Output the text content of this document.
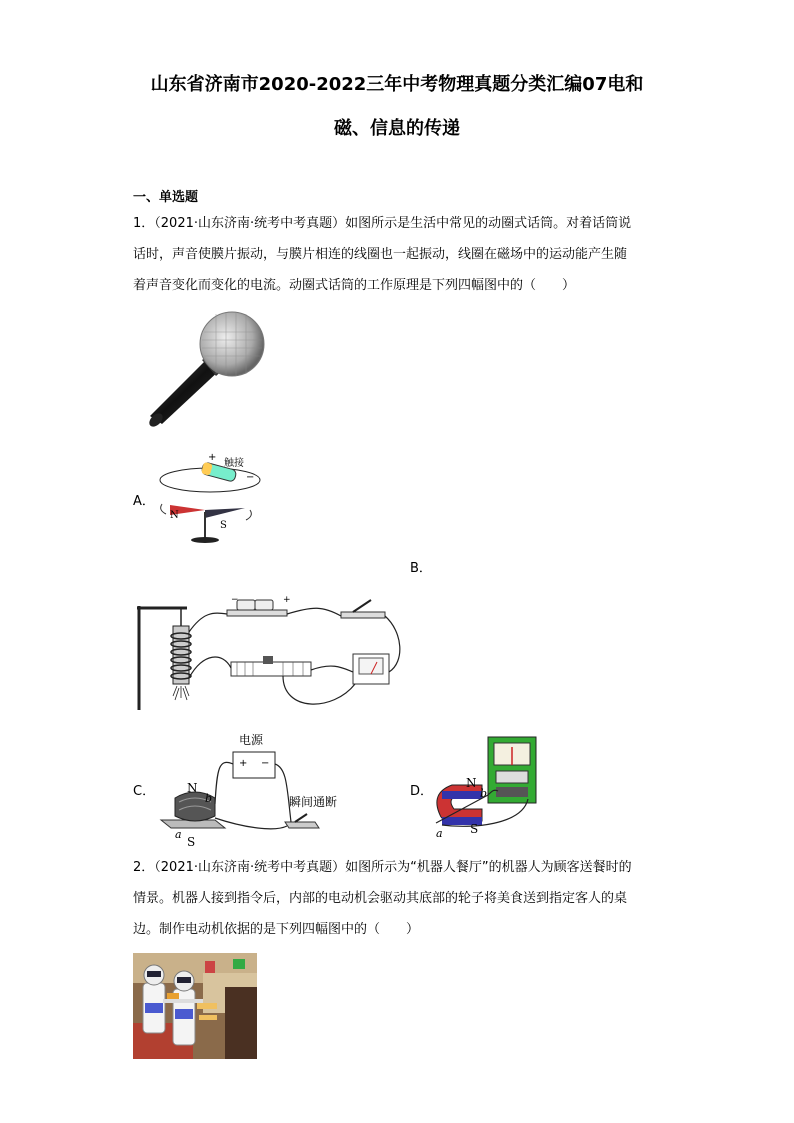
山东省济南市2020-2022三年中考物理真题分类汇编07电和
磁、信息的传递
一、单选题
1．（2021·山东济南·统考中考真题）如图所示是生活中常见的动圈式话筒。对着话筒说
话时，声音使膜片振动，与膜片相连的线圈也一起振动，线圈在磁场中的运动能产生随
着声音变化而变化的电流。动圈式话筒的工作原理是下列四幅图中的（　　）
A．
+
触接
−
N
S
B．
−	+
C．
电源
+ −
N
b
a
S
瞬间通断
D．
N
b
a S
2．（2021·山东济南·统考中考真题）如图所示为“机器人餐厅”的机器人为顾客送餐时的
情景。机器人接到指令后，内部的电动机会驱动其底部的轮子将美食送到指定客人的桌
边。制作电动机依据的是下列四幅图中的（　　）
